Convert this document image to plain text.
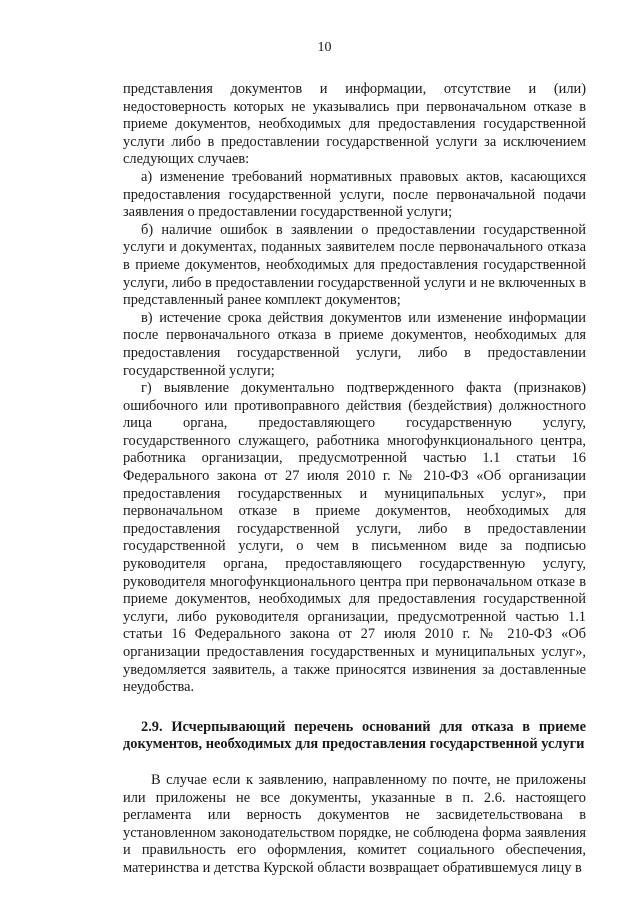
10

представления документов и информации, отсутствие и (или) недостоверность которых не указывались при первоначальном отказе в приеме документов, необходимых для предоставления государственной услуги либо в предоставлении государственной услуги за исключением следующих случаев:

а) изменение требований нормативных правовых актов, касающихся предоставления государственной услуги, после первоначальной подачи заявления о предоставлении государственной услуги;

б) наличие ошибок в заявлении о предоставлении государственной услуги и документах, поданных заявителем после первоначального отказа в приеме документов, необходимых для предоставления государственной услуги, либо в предоставлении государственной услуги и не включенных в представленный ранее комплект документов;

в) истечение срока действия документов или изменение информации после первоначального отказа в приеме документов, необходимых для предоставления государственной услуги, либо в предоставлении государственной услуги;

г) выявление документально подтвержденного факта (признаков) ошибочного или противоправного действия (бездействия) должностного лица органа, предоставляющего государственную услугу, государственного служащего, работника многофункционального центра, работника организации, предусмотренной частью 1.1 статьи 16 Федерального закона от 27 июля 2010 г. № 210-ФЗ «Об организации предоставления государственных и муниципальных услуг», при первоначальном отказе в приеме документов, необходимых для предоставления государственной услуги, либо в предоставлении государственной услуги, о чем в письменном виде за подписью руководителя органа, предоставляющего государственную услугу, руководителя многофункционального центра при первоначальном отказе в приеме документов, необходимых для предоставления государственной услуги, либо руководителя организации, предусмотренной частью 1.1 статьи 16 Федерального закона от 27 июля 2010 г. № 210-ФЗ «Об организации предоставления государственных и муниципальных услуг», уведомляется заявитель, а также приносятся извинения за доставленные неудобства.

2.9. Исчерпывающий перечень оснований для отказа в приеме документов, необходимых для предоставления государственной услуги

В случае если к заявлению, направленному по почте, не приложены или приложены не все документы, указанные в п. 2.6. настоящего регламента или верность документов не засвидетельствована в установленном законодательством порядке, не соблюдена форма заявления и правильность его оформления, комитет социального обеспечения, материнства и детства Курской области возвращает обратившемуся лицу в
